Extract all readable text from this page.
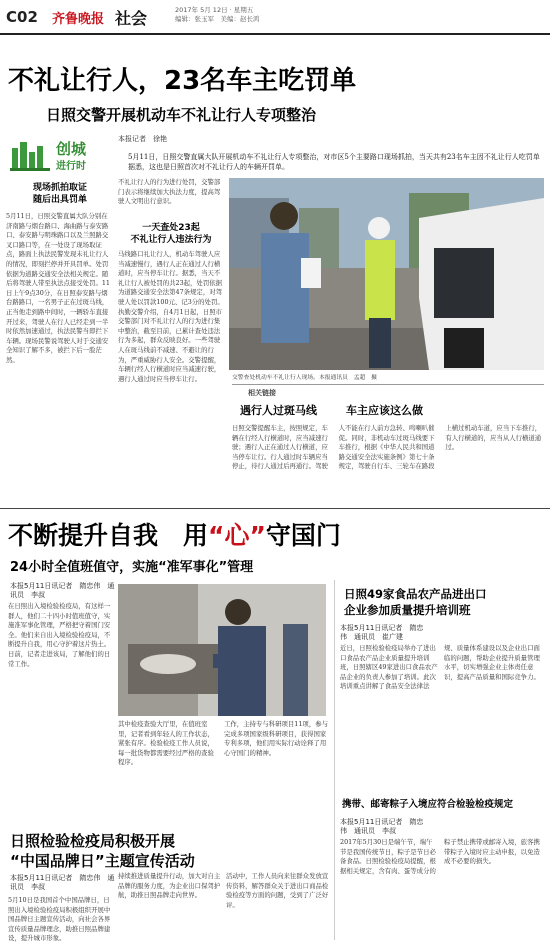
C02 齐鲁晚报 社会	2017年 5月 12日 · 星期五
编辑：张玉军　美编：赵长鸿
不礼让行人，23名车主吃罚单
日照交警开展机动车不礼让行人专项整治
本报记者　徐艳
创城
进行时
5月11日，日照交警直属大队开展机动车不礼让行人专项整治，对市区5个主要路口现场抓拍，当天共有23名车主因不礼让行人吃罚单　据悉，这也是日照首次对不礼让行人的车辆开罚单。
现场抓拍取证
随后出具罚单
5月11日，日照交警直属大队分别在济南路与烟台路口、海曲路与泰安路口、泰安路与明珠路口以及兰照路交叉口路口等，在一处设了现场取证点，路面上执法民警发现未礼让行人的情况，即刻拦停并开具罚单。处罚依据为道路交通安全法相关规定。随后将驾驶人带至执法点接受处罚。11日上午9点30分，在日照泰安路与烟台路路口，一名男子正在过斑马线，正当他走到路中间时，一辆轿车直接开过来，驾驶人在行人已经走到一半时依然加速通过，执法民警当即拦下车辆。现场民警说驾驶人对于交通安全知识了解不多，被拦下后一脸茫然。
不礼让行人的行为进行处罚，交警部门表示将继续加大执法力度，提高驾驶人文明出行意识。
一天查处23起
不礼让行人违法行为
马线路口礼让行人，机动车驾驶人应当减速慢行，遇行人正在通过人行横道时，应当停车让行。据悉，当天不礼让行人被处罚的共23起，处罚依据为道路交通安全法第47条规定，对驾驶人处以罚款100元、记3分的处罚。执勤交警介绍，自4月1日起，日照市交警部门对不礼让行人的行为进行集中整治，截至目前，已累计查处违法行为多起，群众反映良好。一些驾驶人在斑马线前不减速、不避让的行为，严重威胁行人安全。交警提醒，车辆行经人行横道时应当减速行驶，遇行人通过时应当停车让行。	交警查处机动车不礼让行人现场。本报通讯员　孟超　摄
相关链接
遇行人过斑马线	车主应该这么做
日照交警提醒车主，按照规定，车辆在行经人行横道时，应当减速行驶；遇行人正在通过人行横道，应当停车让行。行人通过时车辆应当停止，待行人通过后再通行。驾驶人不能在行人前方急转、鸣喇叭催促。同时，非机动车过斑马线要下车推行，根据《中华人民共和国道路交通安全法实施条例》第七十条规定，驾驶自行车、三轮车在路段上横过机动车道，应当下车推行，有人行横道的，应当从人行横道通过。
不断提升自我　用“心”守国门
24小时全值班值守，实施“准军事化”管理
本报5月11日讯记者　隋忠伟　通讯员　李叔
在日照出入境检验检疫局，有这样一群人，他们二十四小时值班值守，实施准军事化管理，严格把守着国门安全。他们来自出入境检验检疫局，不断提升自我，用心守护着这片热土。日前，记者走进该局，了解他们的日常工作。
其中检疫查验大厅里，在值班室里，记者看到年轻人的工作状态，紧张有序。检验检疫工作人员说，每一批货物都需要经过严格的查验程序。
工作，主持专与科研项目11项，参与完成多项国家级科研项目，获得国家专利多项，他们用实际行动诠释了用心守国门的精神。
日照检验检疫局积极开展
“中国品牌日”主题宣传活动
本报5月11日讯记者　隋忠伟　通讯员　李叔
5月10日是我国首个中国品牌日，日照出入境检验检疫局积极组织开展中国品牌日主题宣传活动，向社会各界宣传质量品牌理念，助推日照品牌建设，提升城市形象。
持续推进质量提升行动，加大对自主品牌的服务力度，为企业出口保驾护航，助推日照品牌走向世界。
活动中，工作人员向来往群众发放宣传资料，解答群众关于进出口商品检验检疫等方面的问题，受到了广泛好评。
日照49家食品农产品进出口
企业参加质量提升培训班
本报5月11日讯记者　隋忠伟　通讯员　崔广建
近日，日照检验检疫局举办了进出口食品农产品企业质量提升培训班，日照辖区49家进出口食品农产品企业的负责人参加了培训。此次培训重点讲解了食品安全法律法规、质量体系建设以及企业出口面临的问题，帮助企业提升质量管理水平，切实增强企业主体责任意识，提高产品质量和国际竞争力。
携带、邮寄粽子入境应符合检验检疫规定
本报5月11日讯记者　隋忠伟　通讯员　李叔
2017年5月30日是端午节，端午节是我国传统节日，粽子是节日必备食品。日照检验检疫局提醒，根据相关规定，含有肉、蛋等成分的粽子禁止携带或邮寄入境，旅客携带粽子入境时应主动申报，以免造成不必要的损失。
